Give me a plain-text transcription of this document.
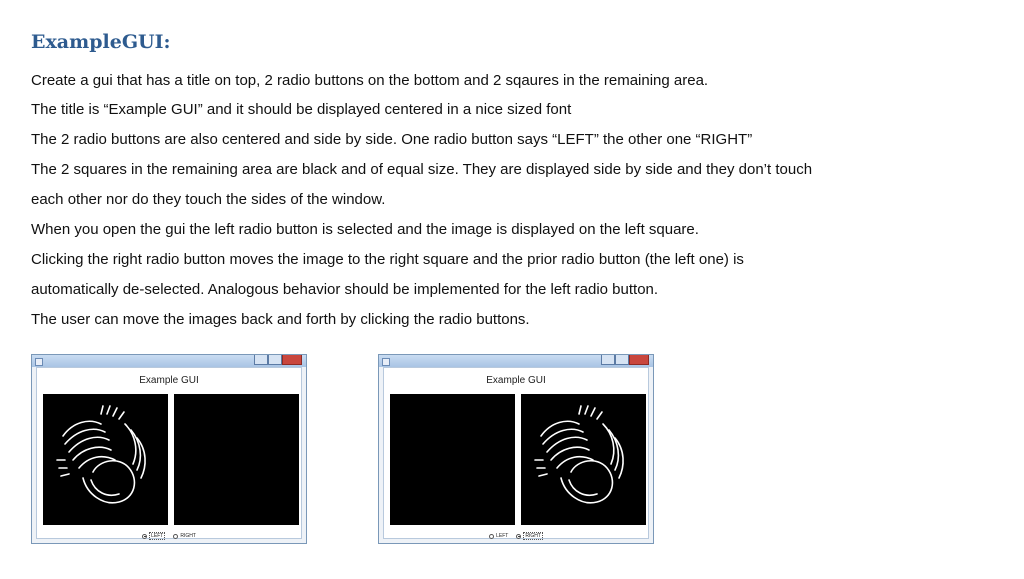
ExampleGUI:
Create a gui that has a title on top, 2 radio buttons on the bottom and 2 sqaures in the remaining area.
The title is “Example GUI” and it should be displayed centered in a nice sized font
The 2 radio buttons are also centered and side by side. One radio button says “LEFT” the other one “RIGHT”
The 2 squares in the remaining area are black and of equal size. They are displayed side by side and they don’t touch
each other nor do they touch the sides of the window.
When you open the gui the left radio button is selected and the image is displayed on the left square.
Clicking the right radio button moves the image to the right square and the prior radio button (the left one) is
automatically de-selected. Analogous behavior should be implemented for the left radio button.
The user can move the images back and forth by clicking the radio buttons.
Example GUI
LEFT	RIGHT
Example GUI
LEFT	RIGHT
